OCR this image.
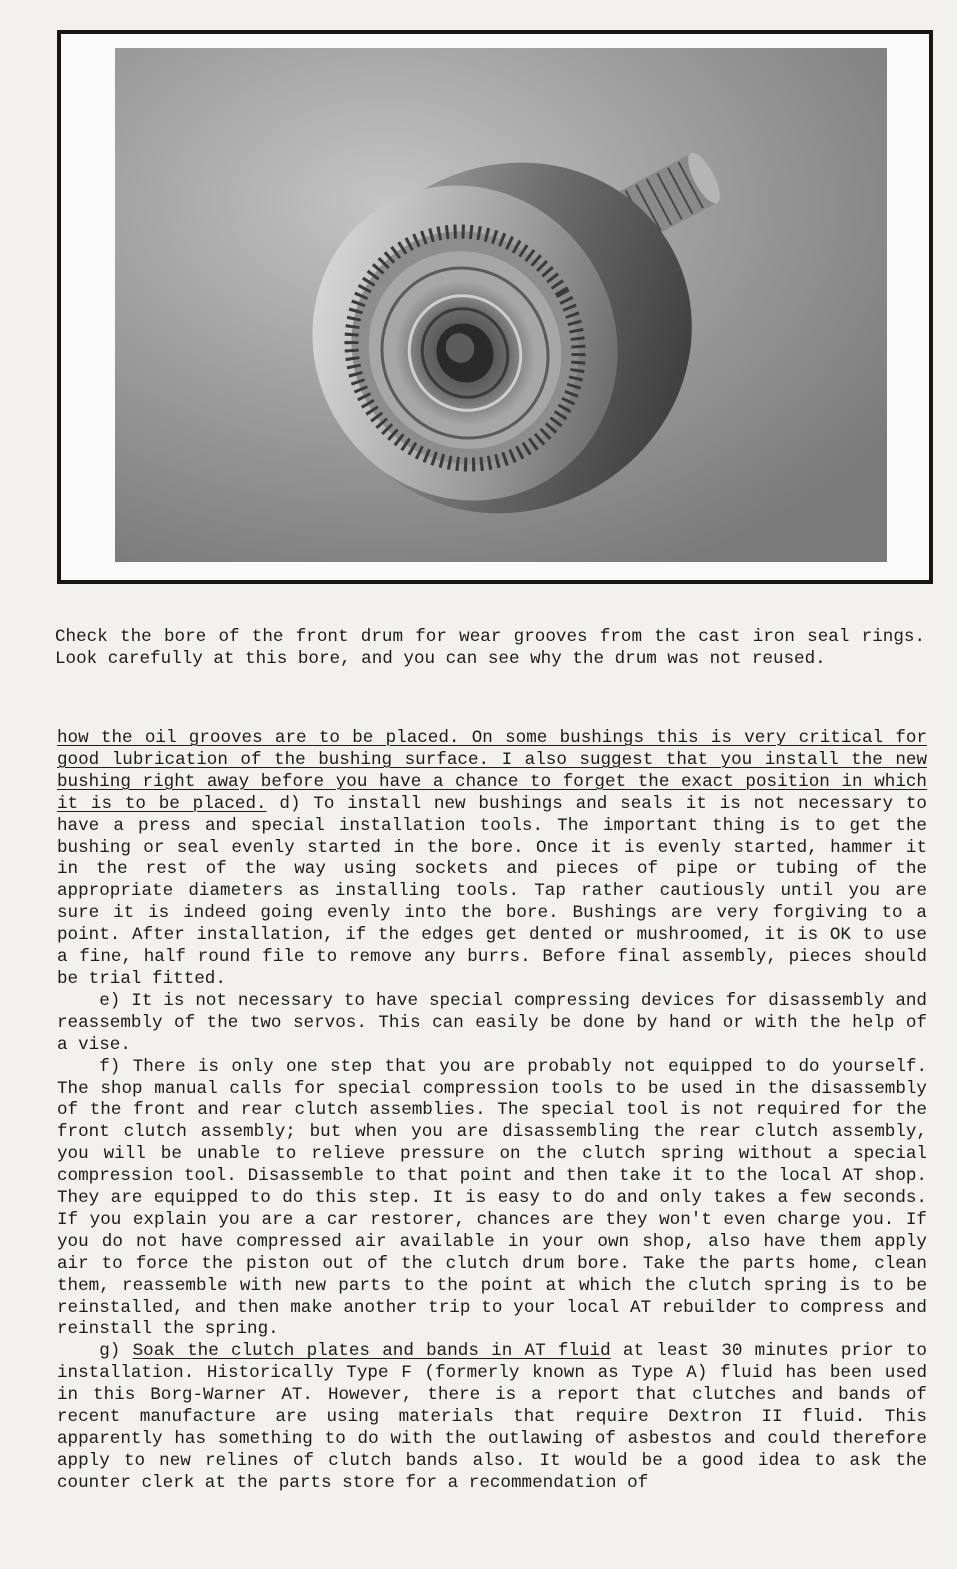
Check the bore of the front drum for wear grooves from the cast iron seal rings. Look carefully at this bore, and you can see why the drum was not reused.

how the oil grooves are to be placed. On some bushings this is very critical for good lubrication of the bushing surface. I also suggest that you install the new bushing right away before you have a chance to forget the exact position in which it is to be placed. d) To install new bushings and seals it is not necessary to have a press and special installation tools. The important thing is to get the bushing or seal evenly started in the bore. Once it is evenly started, hammer it in the rest of the way using sockets and pieces of pipe or tubing of the appropriate diameters as installing tools. Tap rather cautiously until you are sure it is indeed going evenly into the bore. Bushings are very forgiving to a point. After installation, if the edges get dented or mushroomed, it is OK to use a fine, half round file to remove any burrs. Before final assembly, pieces should be trial fitted.

e) It is not necessary to have special compressing devices for disassembly and reassembly of the two servos. This can easily be done by hand or with the help of a vise.

f) There is only one step that you are probably not equipped to do yourself. The shop manual calls for special compression tools to be used in the disassembly of the front and rear clutch assemblies. The special tool is not required for the front clutch assembly; but when you are disassembling the rear clutch assembly, you will be unable to relieve pressure on the clutch spring without a special compression tool. Disassemble to that point and then take it to the local AT shop. They are equipped to do this step. It is easy to do and only takes a few seconds. If you explain you are a car restorer, chances are they won't even charge you. If you do not have compressed air available in your own shop, also have them apply air to force the piston out of the clutch drum bore. Take the parts home, clean them, reassemble with new parts to the point at which the clutch spring is to be reinstalled, and then make another trip to your local AT rebuilder to compress and reinstall the spring.

g) Soak the clutch plates and bands in AT fluid at least 30 minutes prior to installation. Historically Type F (formerly known as Type A) fluid has been used in this Borg-Warner AT. However, there is a report that clutches and bands of recent manufacture are using materials that require Dextron II fluid. This apparently has something to do with the outlawing of asbestos and could therefore apply to new relines of clutch bands also. It would be a good idea to ask the counter clerk at the parts store for a recommendation of
